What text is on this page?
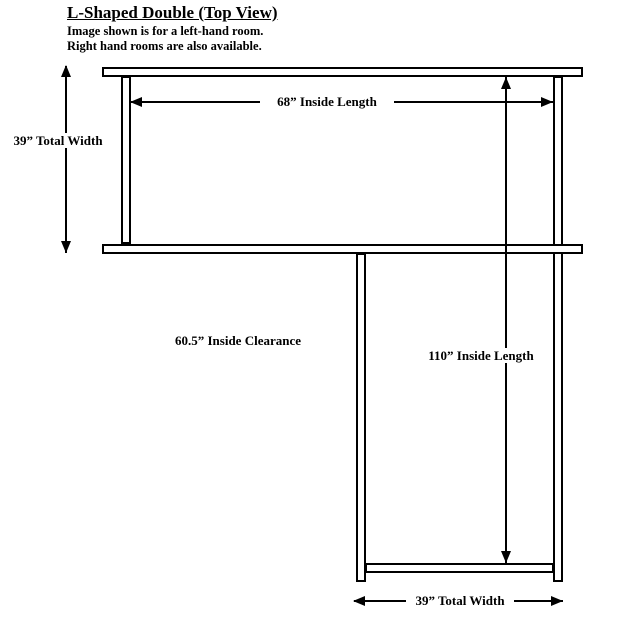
L-Shaped Double (Top View)
Image shown is for a left-hand room.
Right hand rooms are also available.
39” Total Width
68” Inside Length
60.5” Inside Clearance
110” Inside Length
39” Total Width
